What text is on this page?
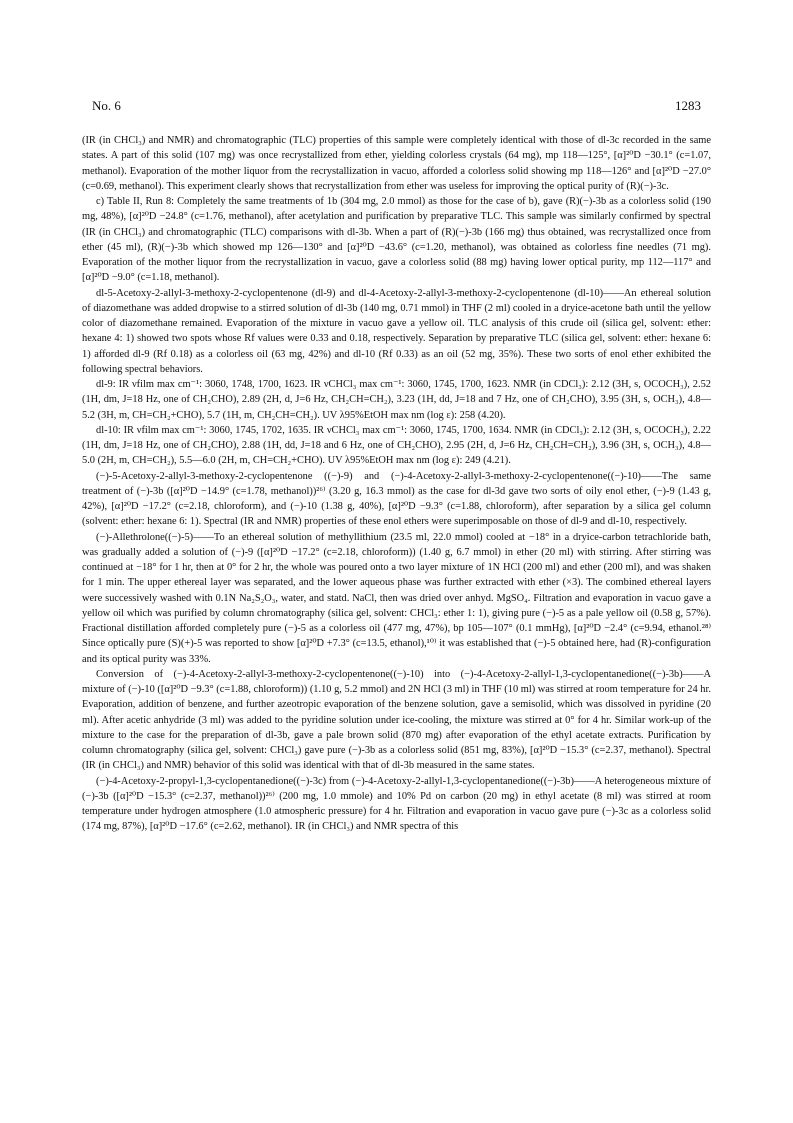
No. 6	1283

(IR (in CHCl₃) and NMR) and chromatographic (TLC) properties of this sample were completely identical with those of dl-3c recorded in the same states. A part of this solid (107 mg) was once recrystallized from ether, yielding colorless crystals (64 mg), mp 118—125°, [α]²⁰D −30.1° (c=1.07, methanol). Evaporation of the mother liquor from the recrystallization in vacuo, afforded a colorless solid showing mp 118—126° and [α]²⁰D −27.0° (c=0.69, methanol). This experiment clearly shows that recrystallization from ether was useless for improving the optical purity of (R)(−)-3c.

c) Table II, Run 8: Completely the same treatments of 1b (304 mg, 2.0 mmol) as those for the case of b), gave (R)(−)-3b as a colorless solid (190 mg, 48%), [α]²⁰D −24.8° (c=1.76, methanol), after acetylation and purification by preparative TLC. This sample was similarly confirmed by spectral (IR (in CHCl₃) and chromatographic (TLC) comparisons with dl-3b. When a part of (R)(−)-3b (166 mg) thus obtained, was recrystallized once from ether (45 ml), (R)(−)-3b which showed mp 126—130° and [α]²⁰D −43.6° (c=1.20, methanol), was obtained as colorless fine needles (71 mg). Evaporation of the mother liquor from the recrystallization in vacuo, gave a colorless solid (88 mg) having lower optical purity, mp 112—117° and [α]²⁰D −9.0° (c=1.18, methanol).

dl-5-Acetoxy-2-allyl-3-methoxy-2-cyclopentenone (dl-9) and dl-4-Acetoxy-2-allyl-3-methoxy-2-cyclopentenone (dl-10)——An ethereal solution of diazomethane was added dropwise to a stirred solution of dl-3b (140 mg, 0.71 mmol) in THF (2 ml) cooled in a dryice-acetone bath until the yellow color of diazomethane remained. Evaporation of the mixture in vacuo gave a yellow oil. TLC analysis of this crude oil (silica gel, solvent: ether: hexane 4: 1) showed two spots whose Rf values were 0.33 and 0.18, respectively. Separation by preparative TLC (silica gel, solvent: ether: hexane 6: 1) afforded dl-9 (Rf 0.18) as a colorless oil (63 mg, 42%) and dl-10 (Rf 0.33) as an oil (52 mg, 35%). These two sorts of enol ether exhibited the following spectral behaviors.

dl-9: IR νfilm max cm⁻¹: 3060, 1748, 1700, 1623. IR νCHCl₃ max cm⁻¹: 3060, 1745, 1700, 1623. NMR (in CDCl₃): 2.12 (3H, s, OCOCH₃), 2.52 (1H, dm, J=18 Hz, one of CH₂CHO), 2.89 (2H, d, J=6 Hz, CH₂CH=CH₂), 3.23 (1H, dd, J=18 and 7 Hz, one of CH₂CHO), 3.95 (3H, s, OCH₃), 4.8—5.2 (3H, m, CH=CH₂+CHO), 5.7 (1H, m, CH₂CH=CH₂). UV λ95%EtOH max nm (log ε): 258 (4.20).

dl-10: IR νfilm max cm⁻¹: 3060, 1745, 1702, 1635. IR νCHCl₃ max cm⁻¹: 3060, 1745, 1700, 1634. NMR (in CDCl₃): 2.12 (3H, s, OCOCH₃), 2.22 (1H, dm, J=18 Hz, one of CH₂CHO), 2.88 (1H, dd, J=18 and 6 Hz, one of CH₂CHO), 2.95 (2H, d, J=6 Hz, CH₂CH=CH₂), 3.96 (3H, s, OCH₃), 4.8—5.0 (2H, m, CH=CH₂), 5.5—6.0 (2H, m, CH=CH₂+CHO). UV λ95%EtOH max nm (log ε): 249 (4.21).

(−)-5-Acetoxy-2-allyl-3-methoxy-2-cyclopentenone ((−)-9) and (−)-4-Acetoxy-2-allyl-3-methoxy-2-cyclopentenone((−)-10)——The same treatment of (−)-3b ([α]²⁰D −14.9° (c=1.78, methanol))²⁶⁾ (3.20 g, 16.3 mmol) as the case for dl-3d gave two sorts of oily enol ether, (−)-9 (1.43 g, 42%), [α]²⁰D −17.2° (c=2.18, chloroform), and (−)-10 (1.38 g, 40%), [α]²⁰D −9.3° (c=1.88, chloroform), after separation by a silica gel column (solvent: ether: hexane 6: 1). Spectral (IR and NMR) properties of these enol ethers were superimposable on those of dl-9 and dl-10, respectively.

(−)-Allethrolone((−)-5)——To an ethereal solution of methyllithium (23.5 ml, 22.0 mmol) cooled at −18° in a dryice-carbon tetrachloride bath, was gradually added a solution of (−)-9 ([α]²⁰D −17.2° (c=2.18, chloroform)) (1.40 g, 6.7 mmol) in ether (20 ml) with stirring. After stirring was continued at −18° for 1 hr, then at 0° for 2 hr, the whole was poured onto a two layer mixture of 1N HCl (200 ml) and ether (200 ml), and was shaken for 1 min. The upper ethereal layer was separated, and the lower aqueous phase was further extracted with ether (×3). The combined ethereal layers were successively washed with 0.1N Na₂S₂O₃, water, and statd. NaCl, then was dried over anhyd. MgSO₄. Filtration and evaporation in vacuo gave a yellow oil which was purified by column chromatography (silica gel, solvent: CHCl₃: ether 1: 1), giving pure (−)-5 as a pale yellow oil (0.58 g, 57%). Fractional distillation afforded completely pure (−)-5 as a colorless oil (477 mg, 47%), bp 105—107° (0.1 mmHg), [α]²⁰D −2.4° (c=9.94, ethanol.²⁸⁾ Since optically pure (S)(+)-5 was reported to show [α]²⁰D +7.3° (c=13.5, ethanol),¹⁰⁾ it was established that (−)-5 obtained here, had (R)-configuration and its optical purity was 33%.

Conversion of (−)-4-Acetoxy-2-allyl-3-methoxy-2-cyclopentenone((−)-10) into (−)-4-Acetoxy-2-allyl-1,3-cyclopentanedione((−)-3b)——A mixture of (−)-10 ([α]²⁰D −9.3° (c=1.88, chloroform)) (1.10 g, 5.2 mmol) and 2N HCl (3 ml) in THF (10 ml) was stirred at room temperature for 24 hr. Evaporation, addition of benzene, and further azeotropic evaporation of the benzene solution, gave a semisolid, which was dissolved in pyridine (20 ml). After acetic anhydride (3 ml) was added to the pyridine solution under ice-cooling, the mixture was stirred at 0° for 4 hr. Similar work-up of the mixture to the case for the preparation of dl-3b, gave a pale brown solid (870 mg) after evaporation of the ethyl acetate extracts. Purification by column chromatography (silica gel, solvent: CHCl₃) gave pure (−)-3b as a colorless solid (851 mg, 83%), [α]²⁰D −15.3° (c=2.37, methanol). Spectral (IR (in CHCl₃) and NMR) behavior of this solid was identical with that of dl-3b measured in the same states.

(−)-4-Acetoxy-2-propyl-1,3-cyclopentanedione((−)-3c) from (−)-4-Acetoxy-2-allyl-1,3-cyclopentanedione((−)-3b)——A heterogeneous mixture of (−)-3b ([α]²⁰D −15.3° (c=2.37, methanol))²⁶⁾ (200 mg, 1.0 mmole) and 10% Pd on carbon (20 mg) in ethyl acetate (8 ml) was stirred at room temperature under hydrogen atmosphere (1.0 atmospheric pressure) for 4 hr. Filtration and evaporation in vacuo gave pure (−)-3c as a colorless solid (174 mg, 87%), [α]²⁰D −17.6° (c=2.62, methanol). IR (in CHCl₃) and NMR spectra of this
